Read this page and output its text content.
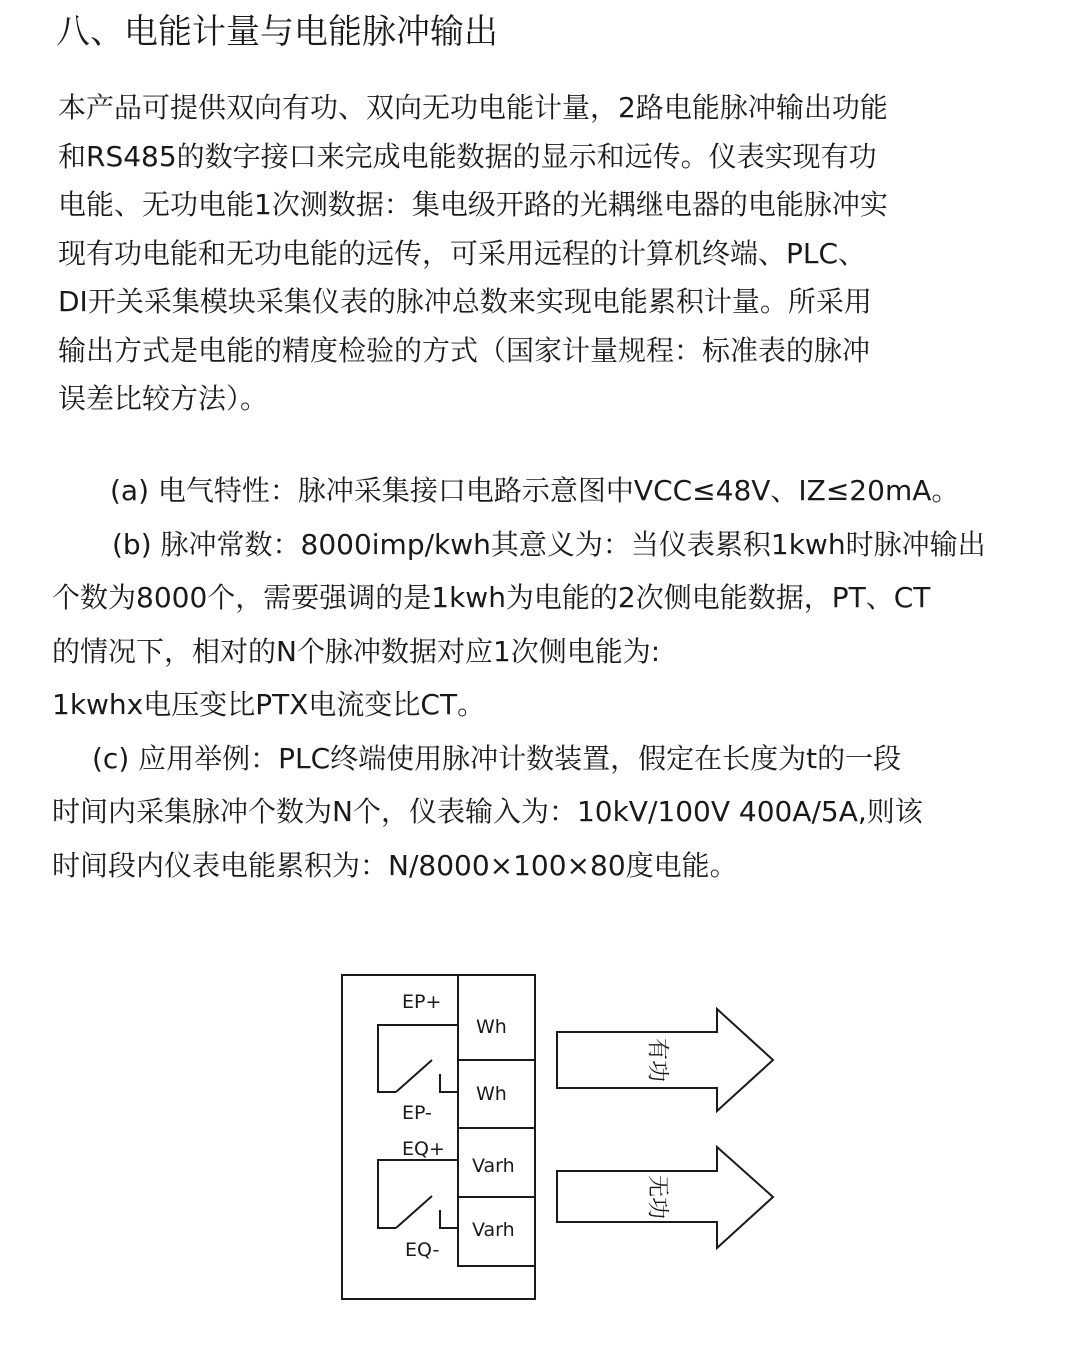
八、电能计量与电能脉冲输出
本产品可提供双向有功、双向无功电能计量，2路电能脉冲输出功能
和RS485的数字接口来完成电能数据的显示和远传。仪表实现有功
电能、无功电能1次测数据：集电级开路的光耦继电器的电能脉冲实
现有功电能和无功电能的远传，可采用远程的计算机终端、PLC、
DI开关采集模块采集仪表的脉冲总数来实现电能累积计量。所采用
输出方式是电能的精度检验的方式（国家计量规程：标准表的脉冲
误差比较方法）。
(a) 电气特性：脉冲采集接口电路示意图中VCC≤48V、IZ≤20mA。
(b) 脉冲常数：8000imp/kwh其意义为：当仪表累积1kwh时脉冲输出
个数为8000个，需要强调的是1kwh为电能的2次侧电能数据，PT、CT
的情况下，相对的N个脉冲数据对应1次侧电能为:
1kwhx电压变比PTX电流变比CT。
(c) 应用举例：PLC终端使用脉冲计数装置，假定在长度为t的一段
时间内采集脉冲个数为N个，仪表输入为：10kV/100V 400A/5A,则该
时间段内仪表电能累积为：N/8000×100×80度电能。
EP+
EP-
EQ+
EQ-
Wh
Wh
Varh
Varh
有功
无功
